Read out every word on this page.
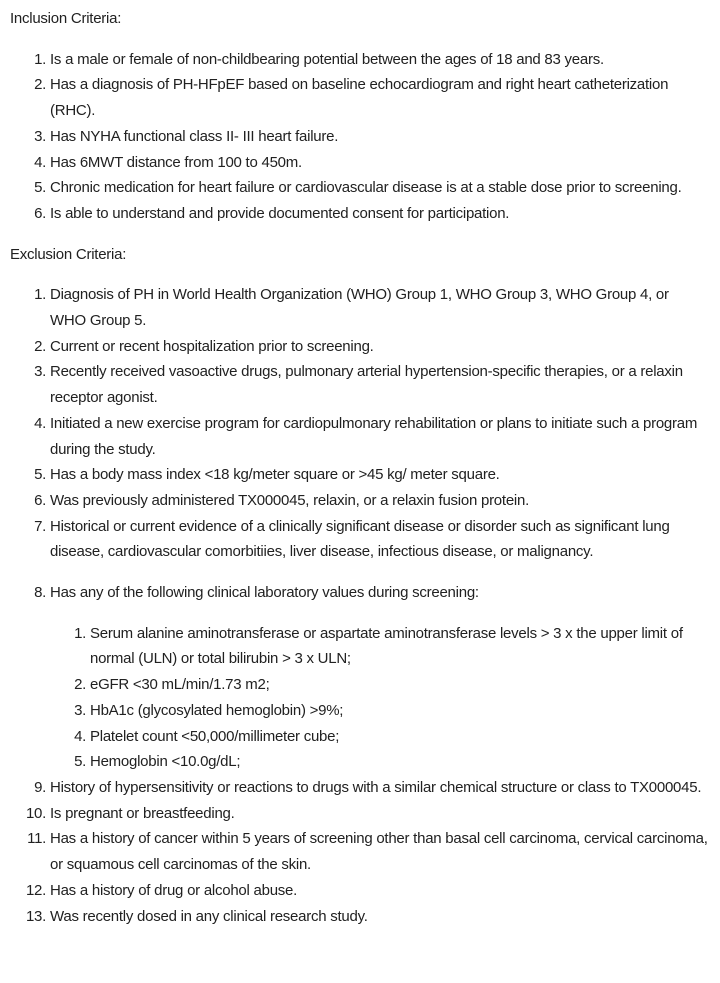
Inclusion Criteria:

1. Is a male or female of non-childbearing potential between the ages of 18 and 83 years.
2. Has a diagnosis of PH-HFpEF based on baseline echocardiogram and right heart catheterization (RHC).
3. Has NYHA functional class II- III heart failure.
4. Has 6MWT distance from 100 to 450m.
5. Chronic medication for heart failure or cardiovascular disease is at a stable dose prior to screening.
6. Is able to understand and provide documented consent for participation.

Exclusion Criteria:

1. Diagnosis of PH in World Health Organization (WHO) Group 1, WHO Group 3, WHO Group 4, or WHO Group 5.
2. Current or recent hospitalization prior to screening.
3. Recently received vasoactive drugs, pulmonary arterial hypertension-specific therapies, or a relaxin receptor agonist.
4. Initiated a new exercise program for cardiopulmonary rehabilitation or plans to initiate such a program during the study.
5. Has a body mass index <18 kg/meter square or >45 kg/ meter square.
6. Was previously administered TX000045, relaxin, or a relaxin fusion protein.
7. Historical or current evidence of a clinically significant disease or disorder such as significant lung disease, cardiovascular comorbitiies, liver disease, infectious disease, or malignancy.

8. Has any of the following clinical laboratory values during screening:

1. Serum alanine aminotransferase or aspartate aminotransferase levels > 3 x the upper limit of normal (ULN) or total bilirubin > 3 x ULN;
2. eGFR <30 mL/min/1.73 m2;
3. HbA1c (glycosylated hemoglobin) >9%;
4. Platelet count <50,000/millimeter cube;
5. Hemoglobin <10.0g/dL;
9. History of hypersensitivity or reactions to drugs with a similar chemical structure or class to TX000045.
10. Is pregnant or breastfeeding.
11. Has a history of cancer within 5 years of screening other than basal cell carcinoma, cervical carcinoma, or squamous cell carcinomas of the skin.
12. Has a history of drug or alcohol abuse.
13. Was recently dosed in any clinical research study.
